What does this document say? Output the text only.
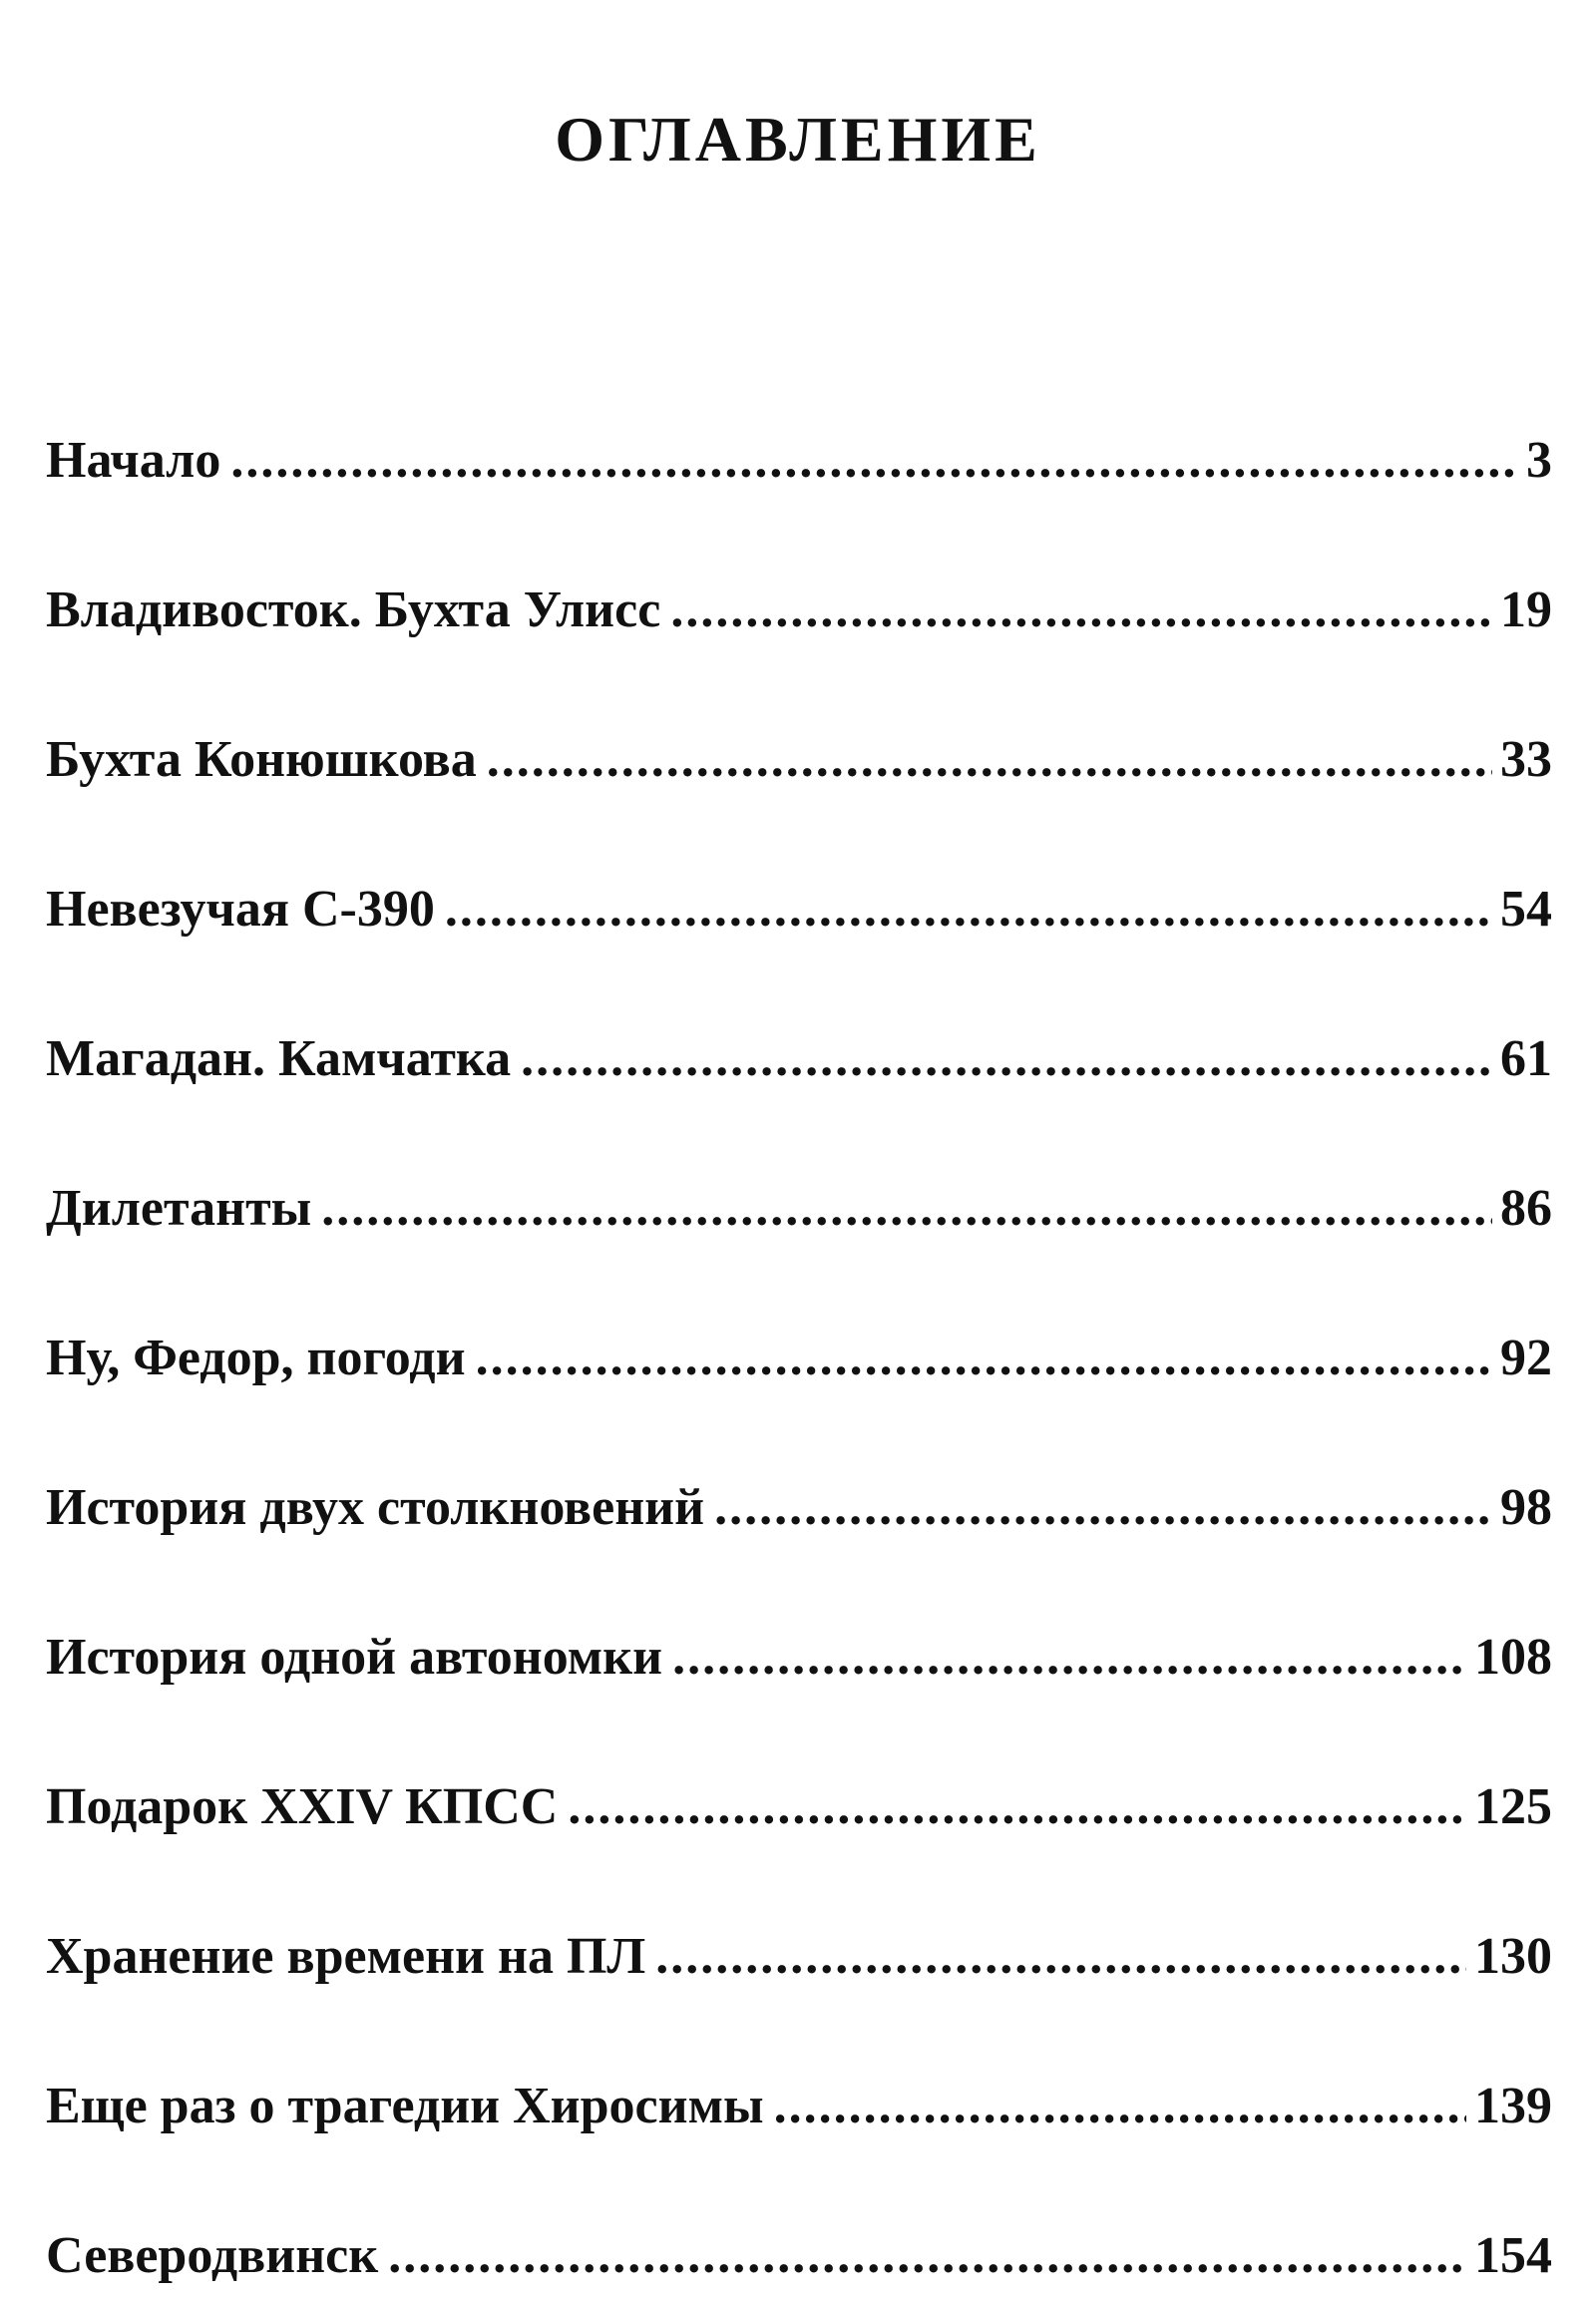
ОГЛАВЛЕНИЕ
Начало .....	3
Владивосток. Бухта Улисс .....	19
Бухта Конюшкова .....	33
Невезучая С-390 .....	54
Магадан. Камчатка .....	61
Дилетанты .....	86
Ну, Федор, погоди .....	92
История двух столкновений .....	98
История одной автономки .....	108
Подарок XXIV КПСС .....	125
Хранение времени на ПЛ .....	130
Еще раз о трагедии Хиросимы .....	139
Северодвинск .....	154
